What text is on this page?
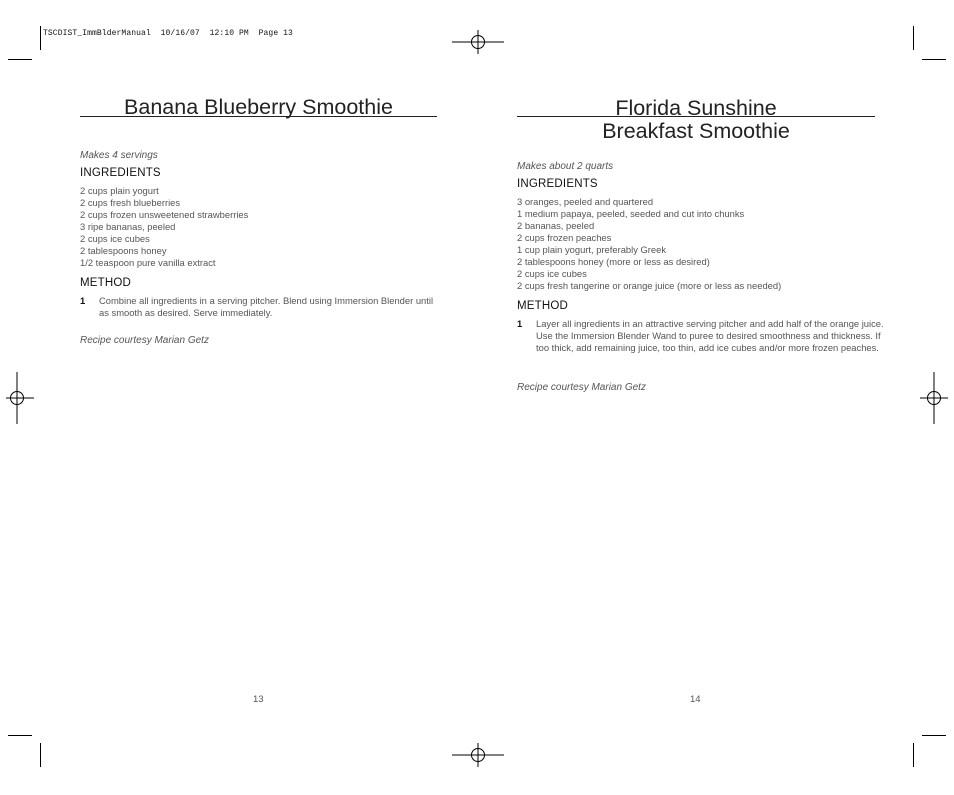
TSCDIST_ImmBlderManual  10/16/07  12:10 PM  Page 13
Banana Blueberry Smoothie
Makes 4 servings
INGREDIENTS
2 cups plain yogurt
2 cups fresh blueberries
2 cups frozen unsweetened strawberries
3 ripe bananas, peeled
2 cups ice cubes
2 tablespoons honey
1/2 teaspoon pure vanilla extract
METHOD
1 Combine all ingredients in a serving pitcher. Blend using Immersion Blender until as smooth as desired. Serve immediately.
Recipe courtesy Marian Getz
13
Florida Sunshine
Breakfast Smoothie
Makes about 2 quarts
INGREDIENTS
3 oranges, peeled and quartered
1 medium papaya, peeled, seeded and cut into chunks
2 bananas, peeled
2 cups frozen peaches
1 cup plain yogurt, preferably Greek
2 tablespoons honey (more or less as desired)
2 cups ice cubes
2 cups fresh tangerine or orange juice (more or less as needed)
METHOD
1 Layer all ingredients in an attractive serving pitcher and add half of the orange juice. Use the Immersion Blender Wand to puree to desired smoothness and thickness. If too thick, add remaining juice, too thin, add ice cubes and/or more frozen peaches.
Recipe courtesy Marian Getz
14
